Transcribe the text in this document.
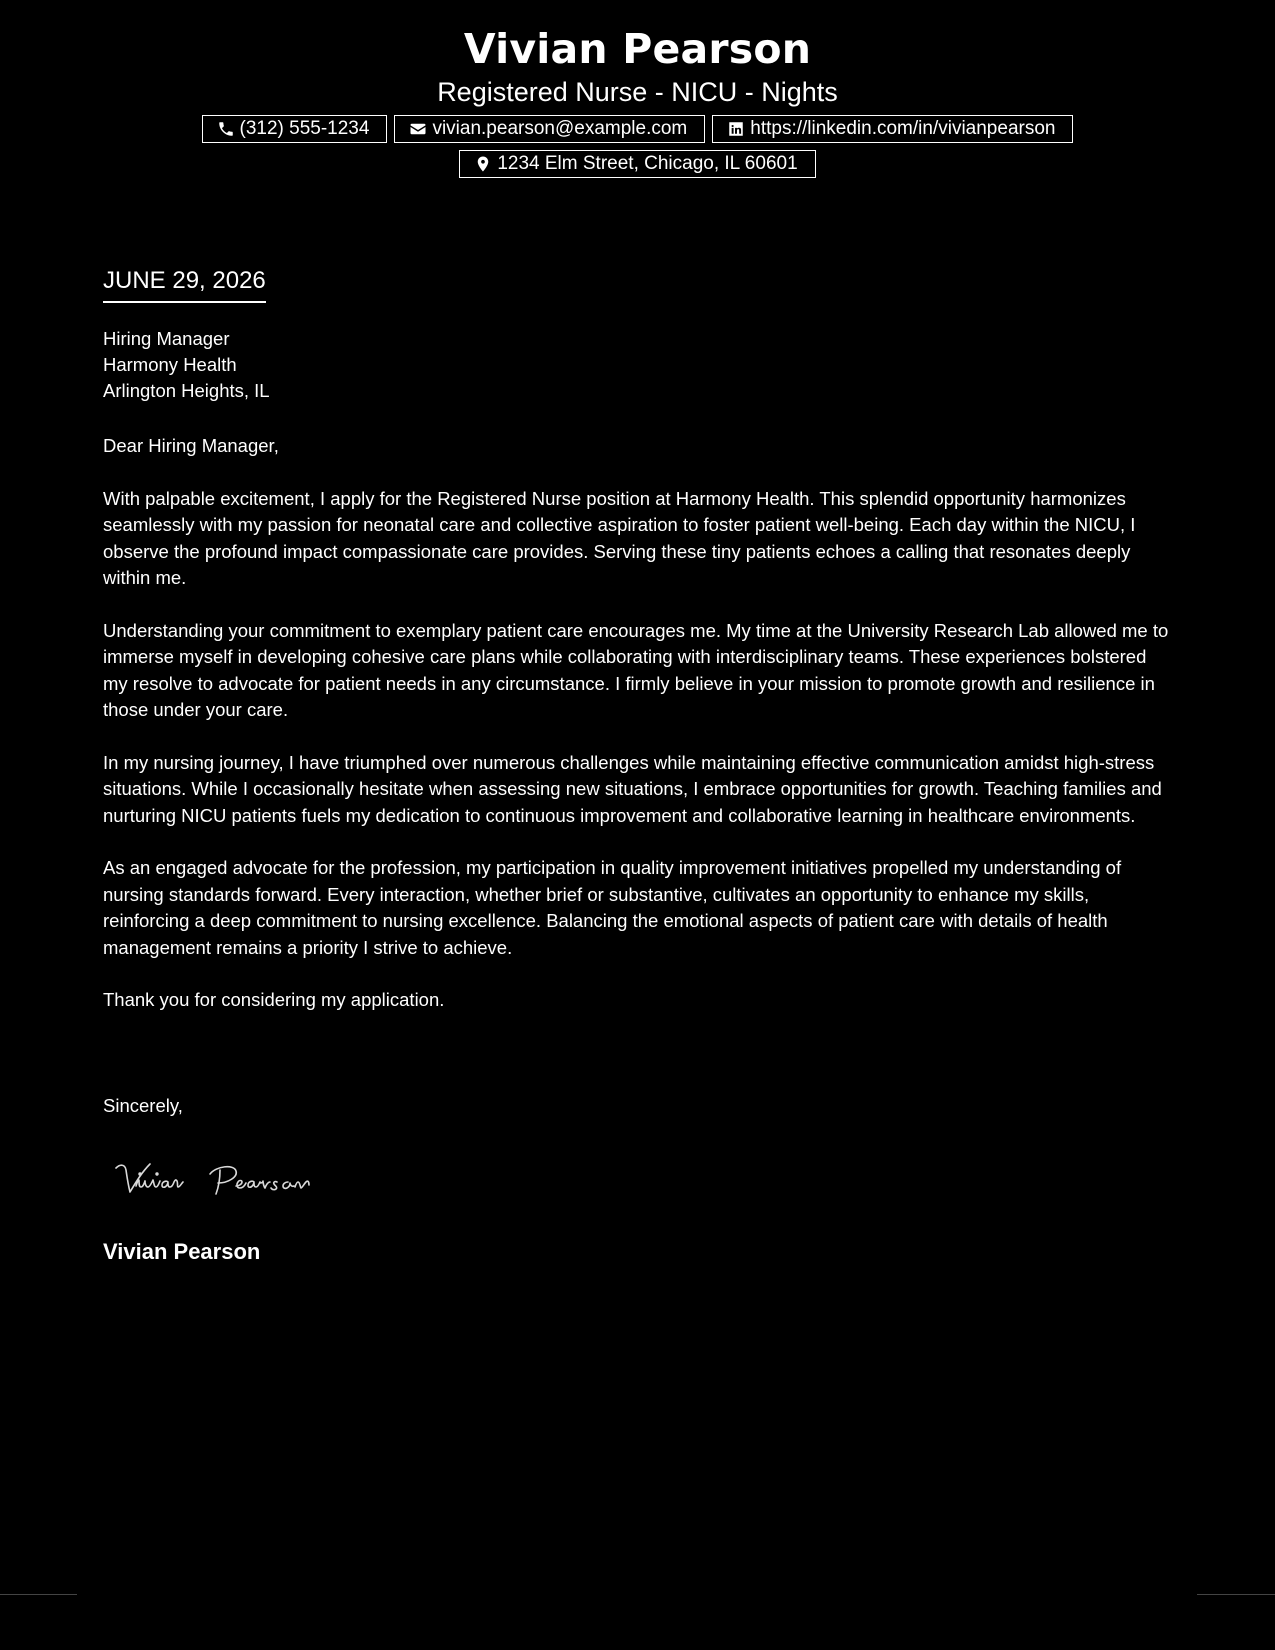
Vivian Pearson
Registered Nurse - NICU - Nights
(312) 555-1234	vivian.pearson@example.com	https://linkedin.com/in/vivianpearson
1234 Elm Street, Chicago, IL 60601
JUNE 29, 2026
Hiring Manager
Harmony Health
Arlington Heights, IL

Dear Hiring Manager,

With palpable excitement, I apply for the Registered Nurse position at Harmony Health. This splendid opportunity harmonizes seamlessly with my passion for neonatal care and collective aspiration to foster patient well-being. Each day within the NICU, I observe the profound impact compassionate care provides. Serving these tiny patients echoes a calling that resonates deeply within me.

Understanding your commitment to exemplary patient care encourages me. My time at the University Research Lab allowed me to immerse myself in developing cohesive care plans while collaborating with interdisciplinary teams. These experiences bolstered my resolve to advocate for patient needs in any circumstance. I firmly believe in your mission to promote growth and resilience in those under your care.

In my nursing journey, I have triumphed over numerous challenges while maintaining effective communication amidst high-stress situations. While I occasionally hesitate when assessing new situations, I embrace opportunities for growth. Teaching families and nurturing NICU patients fuels my dedication to continuous improvement and collaborative learning in healthcare environments.

As an engaged advocate for the profession, my participation in quality improvement initiatives propelled my understanding of nursing standards forward. Every interaction, whether brief or substantive, cultivates an opportunity to enhance my skills, reinforcing a deep commitment to nursing excellence. Balancing the emotional aspects of patient care with details of health management remains a priority I strive to achieve.

Thank you for considering my application.

Sincerely,
Vivian Pearson
